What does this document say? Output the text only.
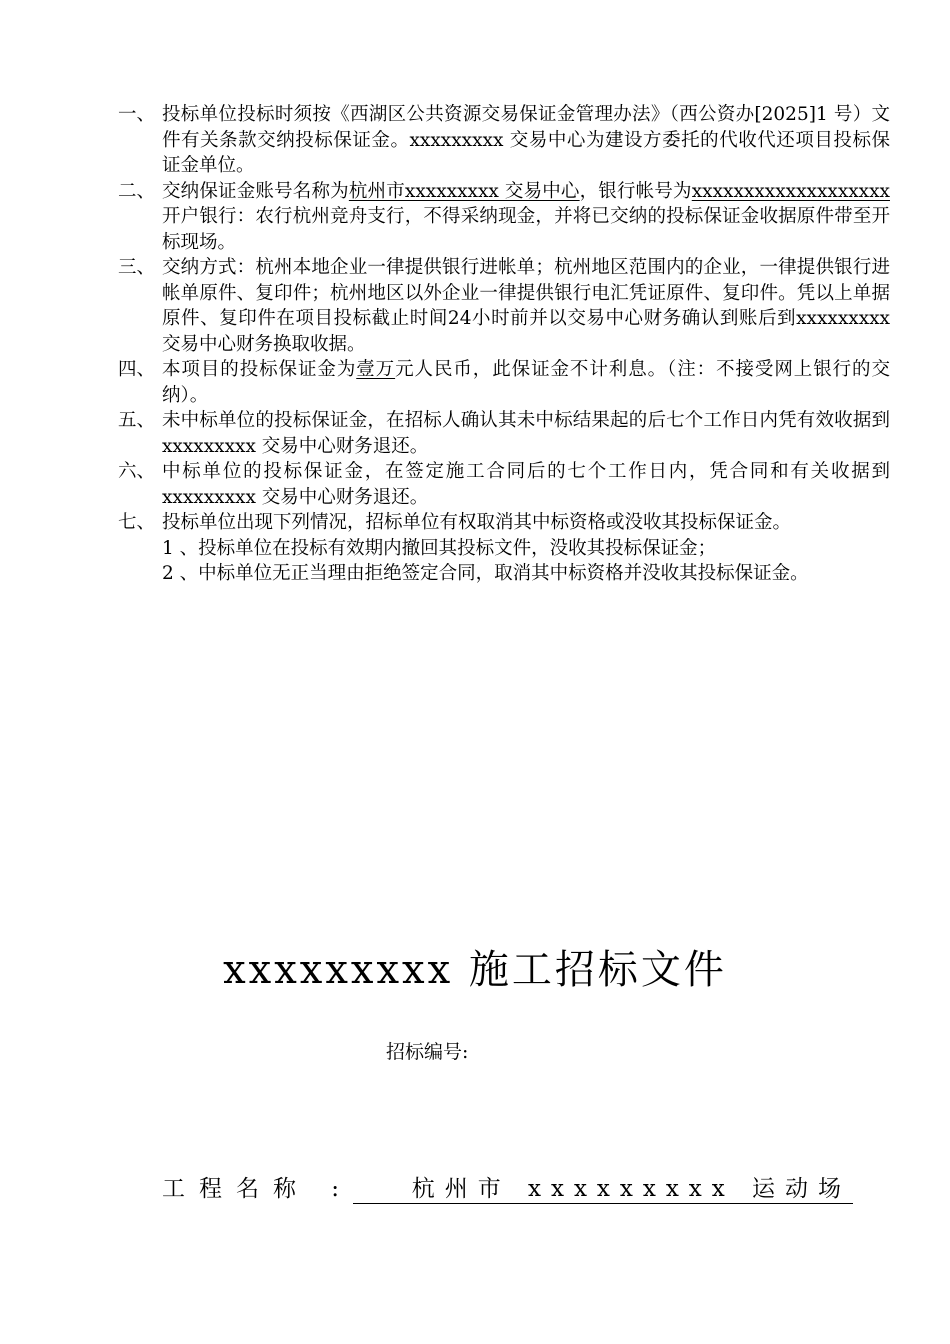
一、 投标单位投标时须按《西湖区公共资源交易保证金管理办法》（西公资办[2025]1 号）文件有关条款交纳投标保证金。xxxxxxxxx 交易中心为建设方委托的代收代还项目投标保证金单位。
二、 交纳保证金账号名称为杭州市xxxxxxxxx 交易中心，银行帐号为xxxxxxxxxxxxxxxxxxx 开户银行：农行杭州竞舟支行，不得采纳现金，并将已交纳的投标保证金收据原件带至开标现场。
三、 交纳方式：杭州本地企业一律提供银行进帐单；杭州地区范围内的企业，一律提供银行进帐单原件、复印件；杭州地区以外企业一律提供银行电汇凭证原件、复印件。凭以上单据原件、复印件在项目投标截止时间24小时前并以交易中心财务确认到账后到xxxxxxxxx 交易中心财务换取收据。
四、 本项目的投标保证金为壹万元人民币，此保证金不计利息。（注：不接受网上银行的交纳）。
五、 未中标单位的投标保证金，在招标人确认其未中标结果起的后七个工作日内凭有效收据到xxxxxxxxx 交易中心财务退还。
六、 中标单位的投标保证金，在签定施工合同后的七个工作日内，凭合同和有关收据到xxxxxxxxx 交易中心财务退还。
七、 投标单位出现下列情况，招标单位有权取消其中标资格或没收其投标保证金。
1 、投标单位在投标有效期内撤回其投标文件，没收其投标保证金；
2 、中标单位无正当理由拒绝签定合同，取消其中标资格并没收其投标保证金。
xxxxxxxxx 施工招标文件
招标编号:
工程名称 :	杭州市 xxxxxxxxx 运动场
